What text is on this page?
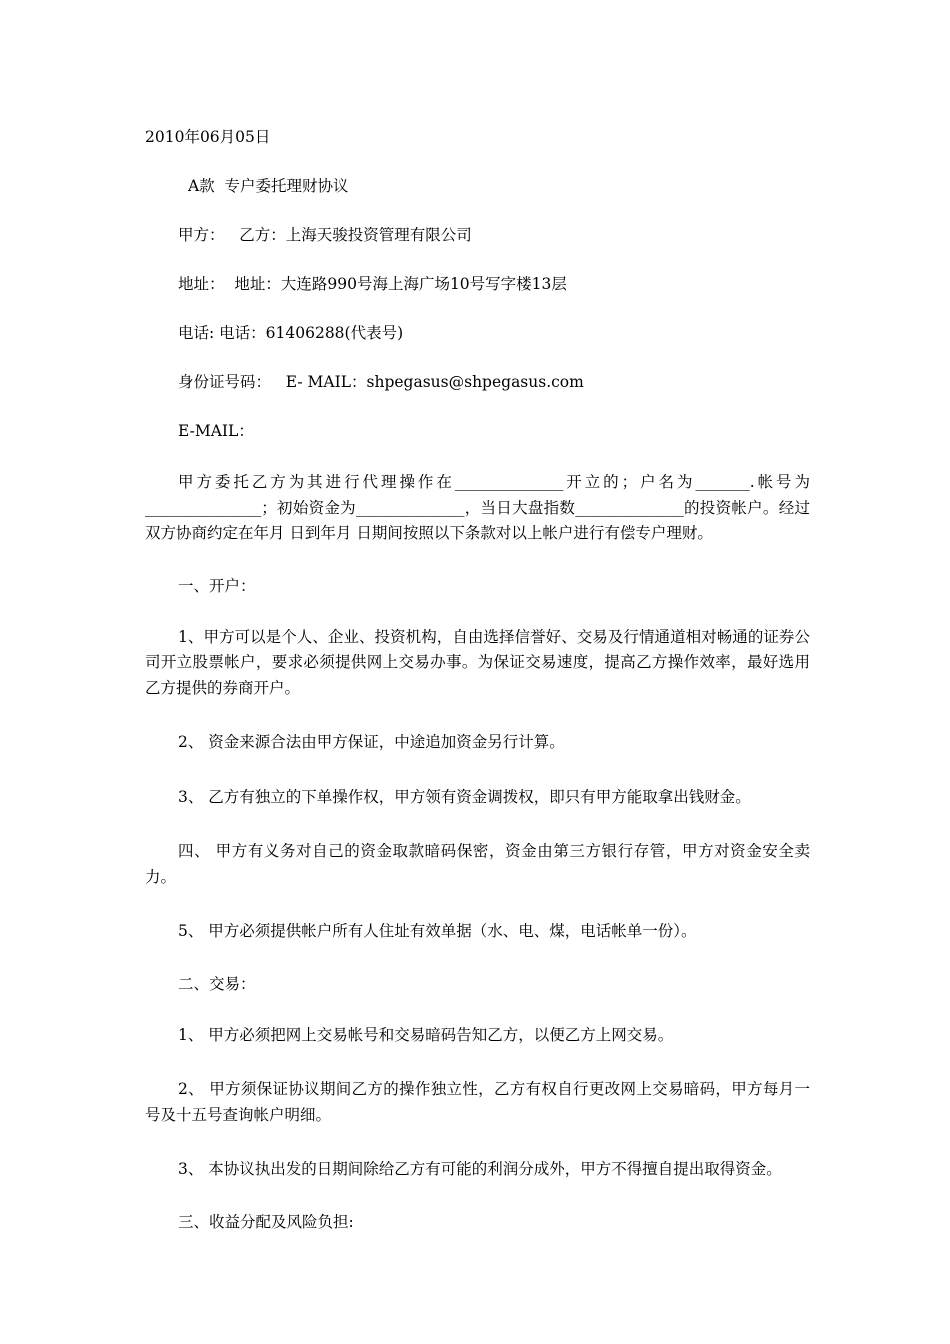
2010年06月05日

A款  专户委托理财协议

甲方：   乙方：上海天骏投资管理有限公司

地址：  地址：大连路990号海上海广场10号写字楼13层

电话: 电话：61406288(代表号)

身份证号码：   E- MAIL：shpegasus@shpegasus.com

E-MAIL：

甲方委托乙方为其进行代理操作在______________开立的；户名为_______.帐号为_______________；初始资金为______________，当日大盘指数______________的投资帐户。经过双方协商约定在年月 日到年月 日期间按照以下条款对以上帐户进行有偿专户理财。

一、开户：

1、甲方可以是个人、企业、投资机构，自由选择信誉好、交易及行情通道相对畅通的证券公司开立股票帐户，要求必须提供网上交易办事。为保证交易速度，提高乙方操作效率，最好选用乙方提供的券商开户。

2、 资金来源合法由甲方保证，中途追加资金另行计算。

3、 乙方有独立的下单操作权，甲方领有资金调拨权，即只有甲方能取拿出钱财金。

四、 甲方有义务对自己的资金取款暗码保密，资金由第三方银行存管，甲方对资金安全卖力。

5、 甲方必须提供帐户所有人住址有效单据（水、电、煤，电话帐单一份）。

二、交易：

1、 甲方必须把网上交易帐号和交易暗码告知乙方，以便乙方上网交易。

2、 甲方须保证协议期间乙方的操作独立性，乙方有权自行更改网上交易暗码，甲方每月一号及十五号查询帐户明细。

3、 本协议执出发的日期间除给乙方有可能的利润分成外，甲方不得擅自提出取得资金。

三、收益分配及风险负担:
